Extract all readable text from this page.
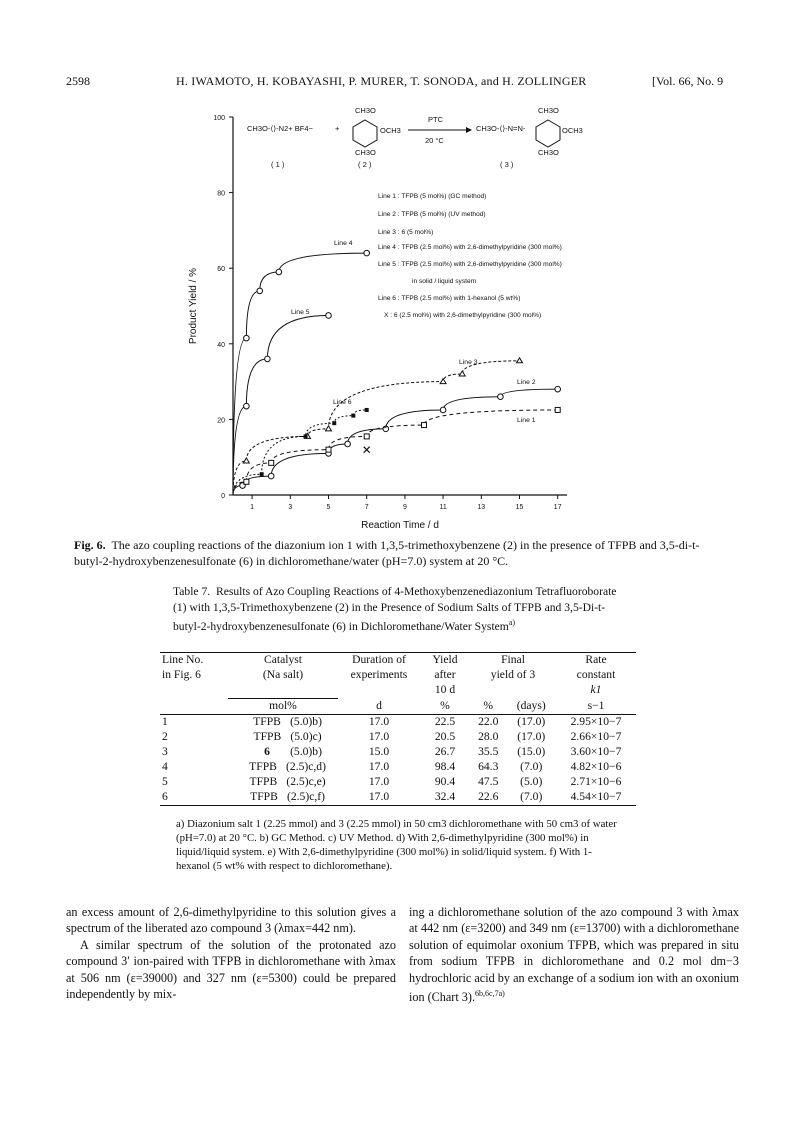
2598	H. IWAMOTO, H. KOBAYASHI, P. MURER, T. SONODA, and H. ZOLLINGER	[Vol. 66, No. 9
CH3O-⟨⟩-N2+ BF4−
( 1 )
+
CH3O
OCH3
CH3O
( 2 )
PTC
20 °C
CH3O-⟨⟩-N=N-
CH3O
OCH3
CH3O
( 3 )
0
20
40
60
80
100
1	3	5	7	9	11	13	15	17
Product Yield / %
Reaction Time / d
Line 1 : TFPB (5 mol%) (GC method)
Line 2 : TFPB (5 mol%) (UV method)
Line 3 : 6 (5 mol%)
Line 4 : TFPB (2.5 mol%) with 2,6-dimethylpyridine (300 mol%)
Line 5 : TFPB (2.5 mol%) with 2,6-dimethylpyridine (300 mol%)
in solid / liquid system
Line 6 : TFPB (2.5 mol%) with 1-hexanol (5 wt%)
X : 6 (2.5 mol%) with 2,6-dimethylpyridine (300 mol%)
Line 4
Line 5
Line 3
Line 2
Line 6
Line 1
Fig. 6. The azo coupling reactions of the diazonium ion 1 with 1,3,5-trimethoxybenzene (2) in the presence of TFPB and 3,5-di-t-butyl-2-hydroxybenzenesulfonate (6) in dichloromethane/water (pH=7.0) system at 20 °C.
Table 7. Results of Azo Coupling Reactions of 4-Methoxybenzenediazonium Tetrafluoroborate (1) with 1,3,5-Trimethoxybenzene (2) in the Presence of Sodium Salts of TFPB and 3,5-Di-t-butyl-2-hydroxybenzenesulfonate (6) in Dichloromethane/Water System$^{a)}$
Line No.	Catalyst	Duration of	Yield	Final		Rate
in Fig. 6	(Na salt)	experiments	after	yield of 3		constant
			10 d			k1
	mol%	d	%	%	(days)	s−1
1	TFPB (5.0)b)	17.0	22.5	22.0	(17.0)	2.95×10−7
2	TFPB (5.0)c)	17.0	20.5	28.0	(17.0)	2.66×10−7
3	6 (5.0)b)	15.0	26.7	35.5	(15.0)	3.60×10−7
4	TFPB (2.5)c,d)	17.0	98.4	64.3	(7.0)	4.82×10−6
5	TFPB (2.5)c,e)	17.0	90.4	47.5	(5.0)	2.71×10−6
6	TFPB (2.5)c,f)	17.0	32.4	22.6	(7.0)	4.54×10−7
a) Diazonium salt 1 (2.25 mmol) and 3 (2.25 mmol) in 50 cm3 dichloromethane with 50 cm3 of water (pH=7.0) at 20 °C. b) GC Method. c) UV Method. d) With 2,6-dimethylpyridine (300 mol%) in liquid/liquid system. e) With 2,6-dimethylpyridine (300 mol%) in solid/liquid system. f) With 1-hexanol (5 wt% with respect to dichloromethane).

an excess amount of 2,6-dimethylpyridine to this solution gives a spectrum of the liberated azo compound 3 (λmax=442 nm).

A similar spectrum of the solution of the protonated azo compound 3′ ion-paired with TFPB in dichloromethane with λmax at 506 nm (ε=39000) and 327 nm (ε=5300) could be prepared independently by mix-

ing a dichloromethane solution of the azo compound 3 with λmax at 442 nm (ε=3200) and 349 nm (ε=13700) with a dichloromethane solution of equimolar oxonium TFPB, which was prepared in situ from sodium TFPB in dichloromethane and 0.2 mol dm−3 hydrochloric acid by an exchange of a sodium ion with an oxonium ion (Chart 3).$^{6b,6c,7a)}$
